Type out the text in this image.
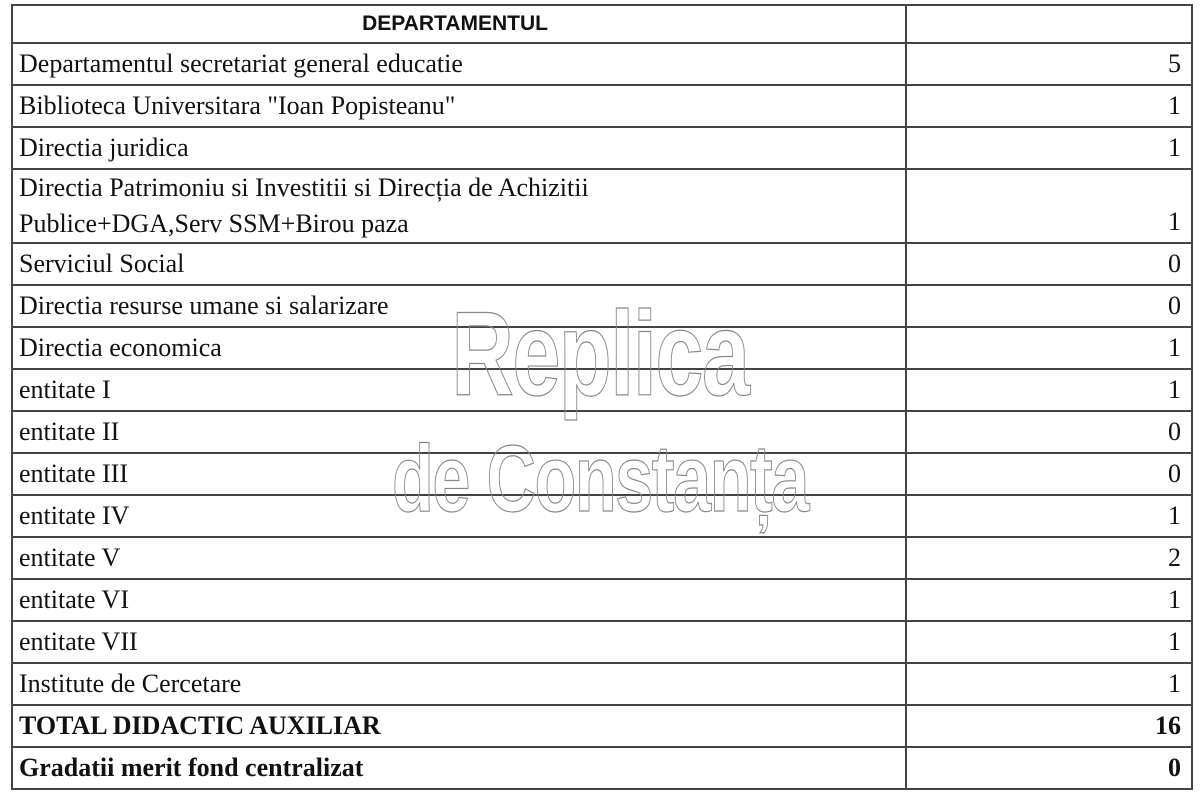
DEPARTAMENTUL	
Departamentul secretariat general educatie	5
Biblioteca Universitara "Ioan Popisteanu"	1
Directia juridica	1

Directia Patrimoniu si Investitii si Direcția de Achizitii
Publice+DGA,Serv SSM+Birou paza	1
Serviciul Social	0
Directia resurse umane si salarizare	0
Directia economica	1
entitate I	1
entitate II	0
entitate III	0
entitate IV	1
entitate V	2
entitate VI	1
entitate VII	1
Institute de Cercetare	1
TOTAL DIDACTIC AUXILIAR	16
Gradatii merit fond centralizat	0
Replica
de Constanța
